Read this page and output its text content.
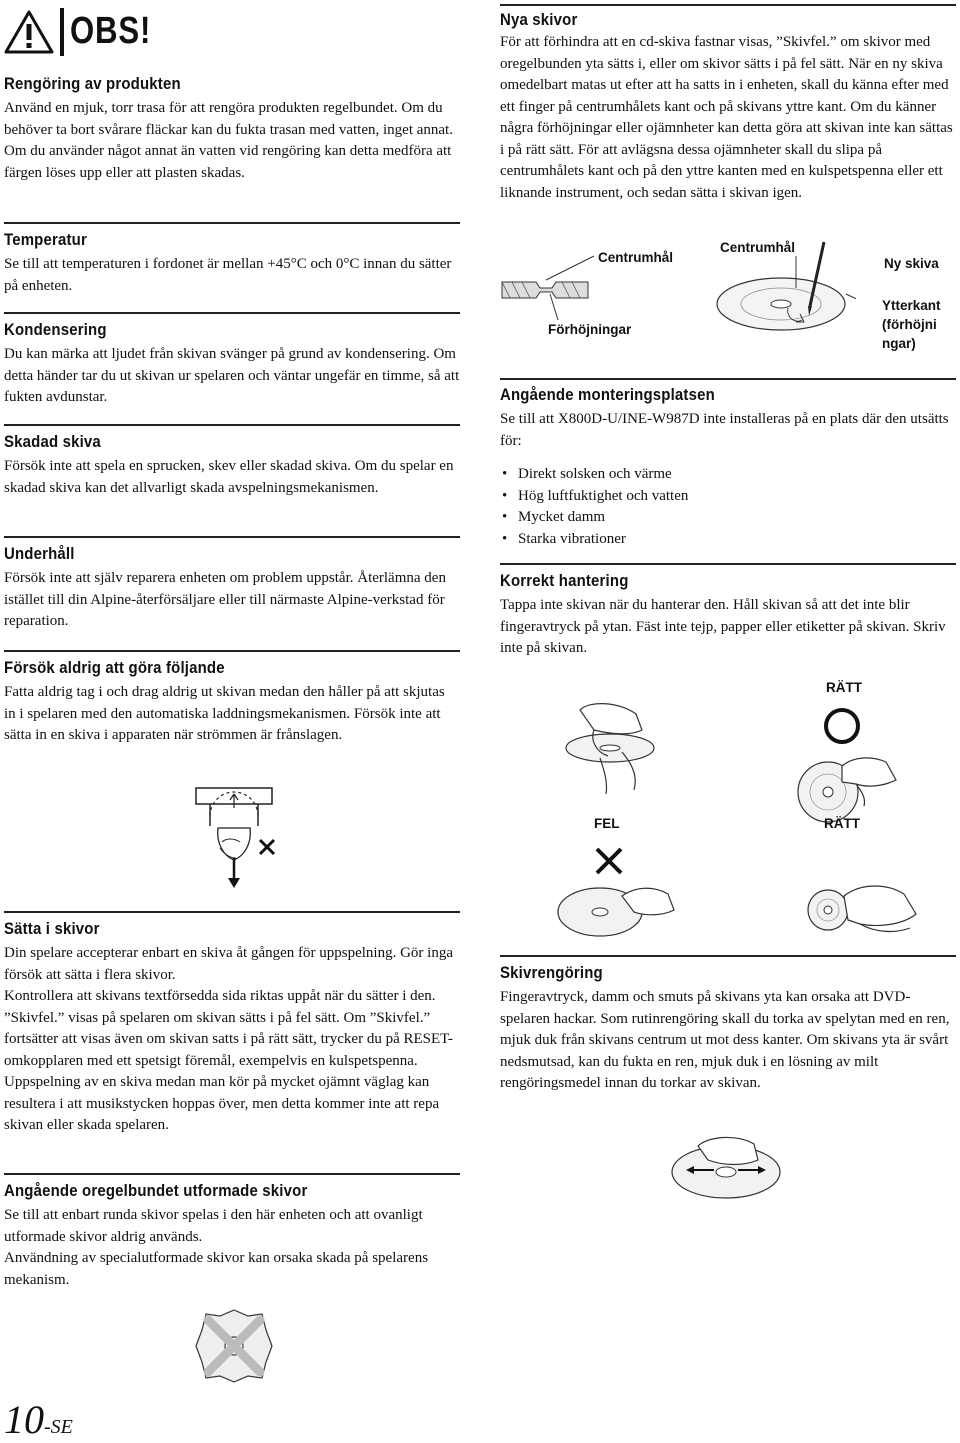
OBS!
Rengöring av produkten
Använd en mjuk, torr trasa för att rengöra produkten regelbundet. Om du behöver ta bort svårare fläckar kan du fukta trasan med vatten, inget annat. Om du använder något annat än vatten vid rengöring kan detta medföra att färgen löses upp eller att plasten skadas.
Temperatur
Se till att temperaturen i fordonet är mellan +45°C och 0°C innan du sätter på enheten.
Kondensering
Du kan märka att ljudet från skivan svänger på grund av kondensering. Om detta händer tar du ut skivan ur spelaren och väntar ungefär en timme, så att fukten avdunstar.
Skadad skiva
Försök inte att spela en sprucken, skev eller skadad skiva. Om du spelar en skadad skiva kan det allvarligt skada avspelningsmekanismen.
Underhåll
Försök inte att själv reparera enheten om problem uppstår. Återlämna den istället till din Alpine-återförsäljare eller till närmaste Alpine-verkstad för reparation.
Försök aldrig att göra följande
Fatta aldrig tag i och drag aldrig ut skivan medan den håller på att skjutas in i spelaren med den automatiska laddningsmekanismen. Försök inte att sätta in en skiva i apparaten när strömmen är frånslagen.
Sätta i skivor

Din spelare accepterar enbart en skiva åt gången för uppspelning. Gör inga försök att sätta i flera skivor.

Kontrollera att skivans textförsedda sida riktas uppåt när du sätter i den. ”Skivfel.” visas på spelaren om skivan sätts i på fel sätt. Om ”Skivfel.” fortsätter att visas även om skivan satts i på rätt sätt, trycker du på RESET-omkopplaren med ett spetsigt föremål, exempelvis en kulspetspenna.

Uppspelning av en skiva medan man kör på mycket ojämnt väglag kan resultera i att musikstycken hoppas över, men detta kommer inte att repa skivan eller skada spelaren.

Angående oregelbundet utformade skivor

Se till att enbart runda skivor spelas i den här enheten och att ovanligt utformade skivor aldrig används.

Användning av specialutformade skivor kan orsaka skada på spelarens mekanism.

10-SE
Nya skivor
För att förhindra att en cd-skiva fastnar visas, ”Skivfel.” om skivor med oregelbunden yta sätts i, eller om skivor sätts i på fel sätt. När en ny skiva omedelbart matas ut efter att ha satts in i enheten, skall du känna efter med ett finger på centrumhålets kant och på skivans yttre kant. Om du känner några förhöjningar eller ojämnheter kan detta göra att skivan inte kan sättas i på rätt sätt. För att avlägsna dessa ojämnheter skall du slipa på centrumhålets kant och på den yttre kanten med en kulspetspenna eller ett liknande instrument, och sedan sätta i skivan igen.
Centrumhål
Centrumhål
Ny skiva
Förhöjningar
Ytterkant
(förhöjni
ngar)
Angående monteringsplatsen
Se till att X800D-U/INE-W987D inte installeras på en plats där den utsätts för:
• Direkt solsken och värme
• Hög luftfuktighet och vatten
• Mycket damm
• Starka vibrationer
Korrekt hantering
Tappa inte skivan när du hanterar den. Håll skivan så att det inte blir fingeravtryck på ytan. Fäst inte tejp, papper eller etiketter på skivan. Skriv inte på skivan.
RÄTT
FEL	RÄTT
Skivrengöring
Fingeravtryck, damm och smuts på skivans yta kan orsaka att DVD-spelaren hackar. Som rutinrengöring skall du torka av spelytan med en ren, mjuk duk från skivans centrum ut mot dess kanter. Om skivans yta är svårt nedsmutsad, kan du fukta en ren, mjuk duk i en lösning av milt rengöringsmedel innan du torkar av skivan.
